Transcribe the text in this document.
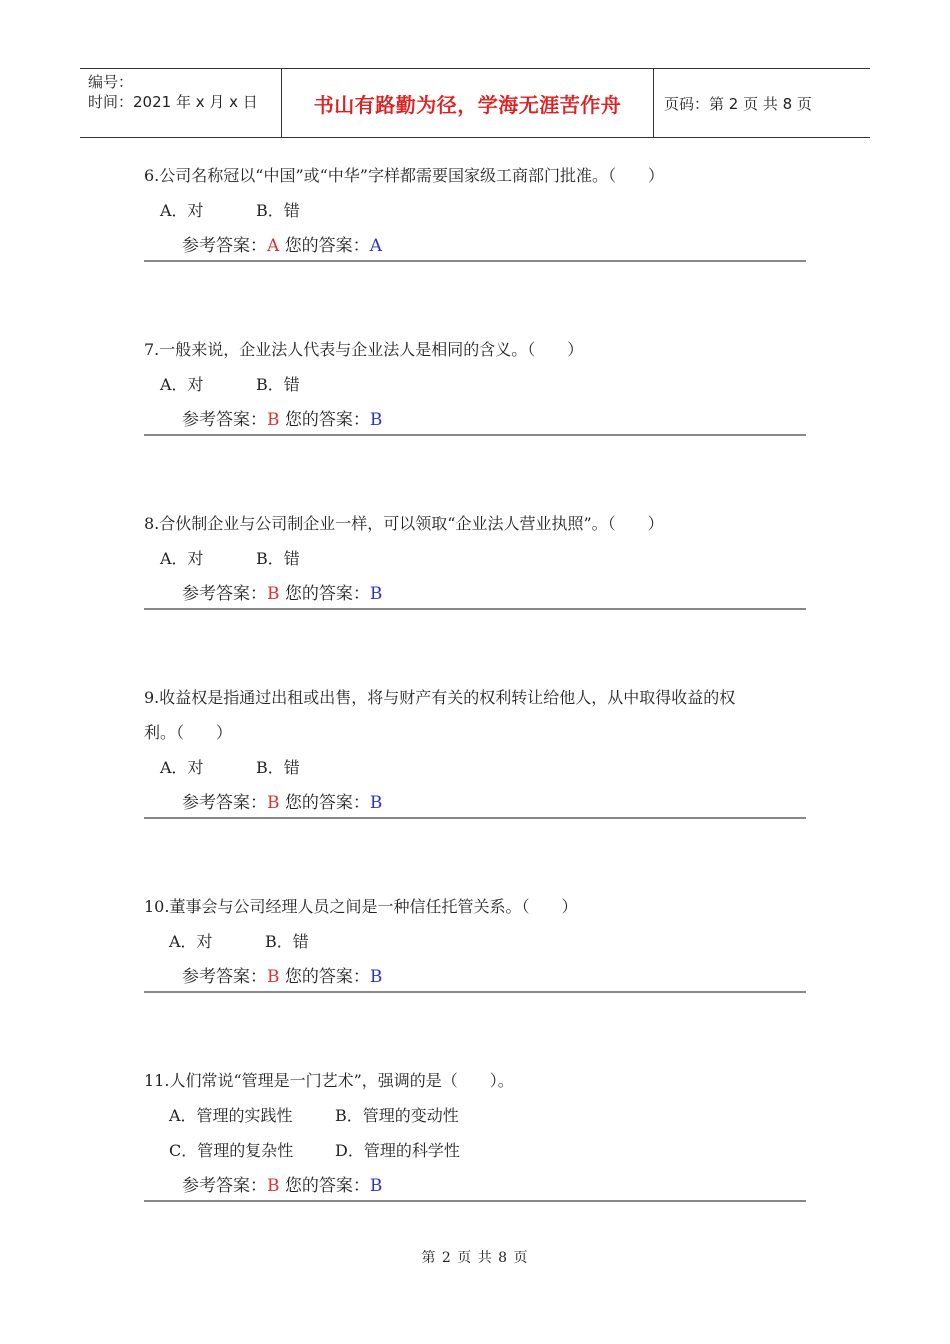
编号：
时间：2021 年 x 月 x 日	书山有路勤为径，学海无涯苦作舟	页码：第 2 页 共 8 页
6.公司名称冠以“中国”或“中华”字样都需要国家级工商部门批准。（　　）
A．对	B．错
参考答案：A 您的答案：A
7.一般来说，企业法人代表与企业法人是相同的含义。（　　）
A．对	B．错
参考答案：B 您的答案：B
8.合伙制企业与公司制企业一样，可以领取“企业法人营业执照”。（　　）
A．对	B．错
参考答案：B 您的答案：B
9.收益权是指通过出租或出售，将与财产有关的权利转让给他人，从中取得收益的权
利。（　　）
A．对	B．错
参考答案：B 您的答案：B
10.董事会与公司经理人员之间是一种信任托管关系。（　　）
A．对	B．错
参考答案：B 您的答案：B
11.人们常说“管理是一门艺术”，强调的是（　　）。
A．管理的实践性	B．管理的变动性
C．管理的复杂性	D．管理的科学性
参考答案：B 您的答案：B
第 2 页 共 8 页
